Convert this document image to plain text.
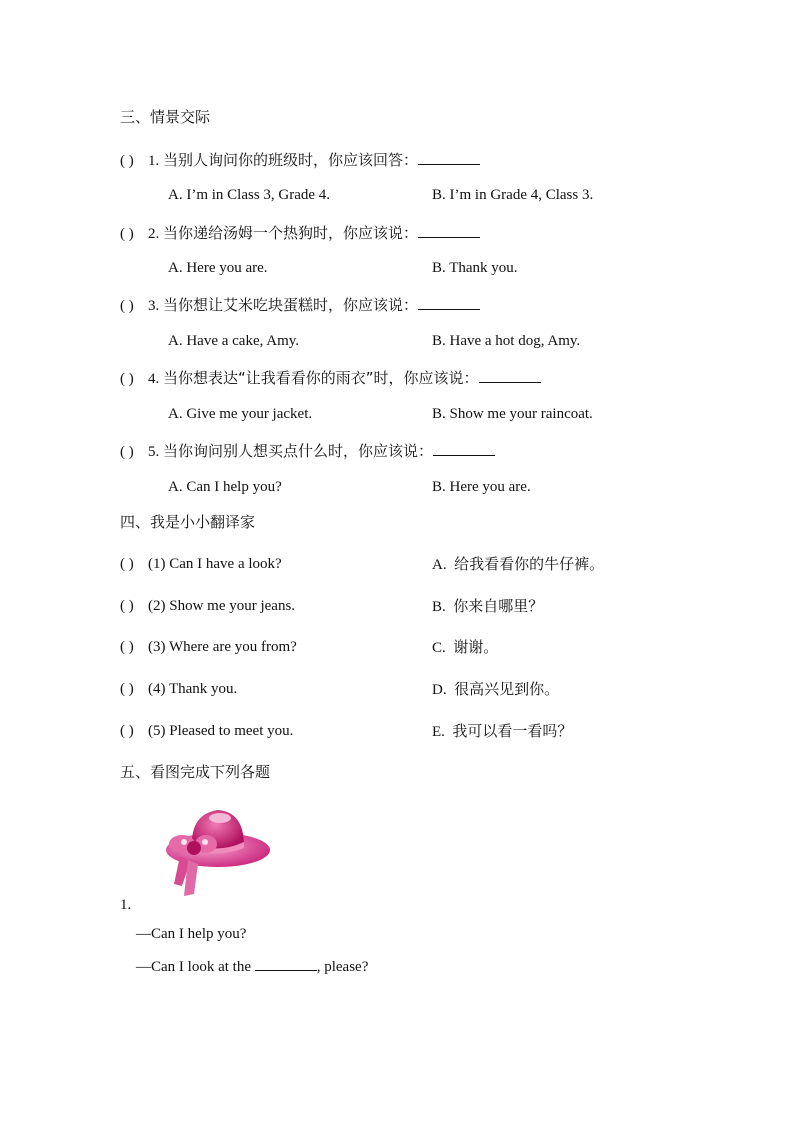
三、情景交际
( ) 1. 当别人询问你的班级时，你应该回答：
A. I’m in Class 3, Grade 4.	B. I’m in Grade 4, Class 3.
( ) 2. 当你递给汤姆一个热狗时，你应该说：
A. Here you are.	B. Thank you.
( ) 3. 当你想让艾米吃块蛋糕时，你应该说：
A. Have a cake, Amy.	B. Have a hot dog, Amy.
( ) 4. 当你想表达“让我看看你的雨衣”时，你应该说：
A. Give me your jacket.	B. Show me your raincoat.
( ) 5. 当你询问别人想买点什么时，你应该说：
A. Can I help you?	B. Here you are.
四、我是小小翻译家
( ) (1) Can I have a look?	A. 给我看看你的牛仔裤。
( ) (2) Show me your jeans.	B. 你来自哪里？
( ) (3) Where are you from?	C. 谢谢。
( ) (4) Thank you.	D. 很高兴见到你。
( ) (5) Pleased to meet you.	E. 我可以看一看吗？
五、看图完成下列各题
1.
—Can I help you?
—Can I look at the	, please?
